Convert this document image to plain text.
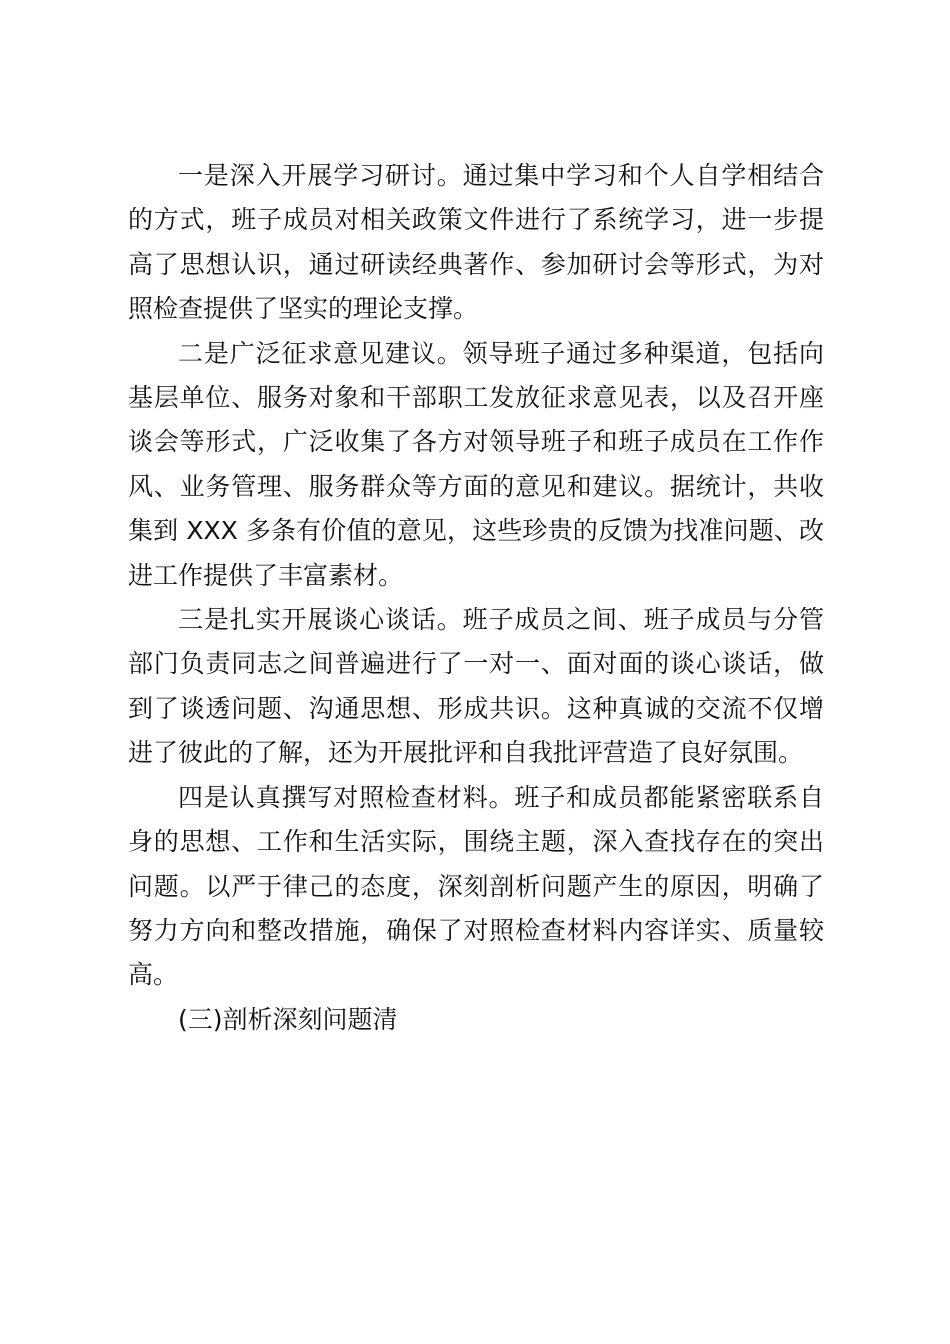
一是深入开展学习研讨。通过集中学习和个人自学相结合的方式，班子成员对相关政策文件进行了系统学习，进一步提高了思想认识，通过研读经典著作、参加研讨会等形式，为对照检查提供了坚实的理论支撑。

二是广泛征求意见建议。领导班子通过多种渠道，包括向基层单位、服务对象和干部职工发放征求意见表，以及召开座谈会等形式，广泛收集了各方对领导班子和班子成员在工作作风、业务管理、服务群众等方面的意见和建议。据统计，共收集到 XXX 多条有价值的意见，这些珍贵的反馈为找准问题、改进工作提供了丰富素材。

三是扎实开展谈心谈话。班子成员之间、班子成员与分管部门负责同志之间普遍进行了一对一、面对面的谈心谈话，做到了谈透问题、沟通思想、形成共识。这种真诚的交流不仅增进了彼此的了解，还为开展批评和自我批评营造了良好氛围。

四是认真撰写对照检查材料。班子和成员都能紧密联系自身的思想、工作和生活实际，围绕主题，深入查找存在的突出问题。以严于律己的态度，深刻剖析问题产生的原因，明确了努力方向和整改措施，确保了对照检查材料内容详实、质量较高。

(三)剖析深刻问题清
